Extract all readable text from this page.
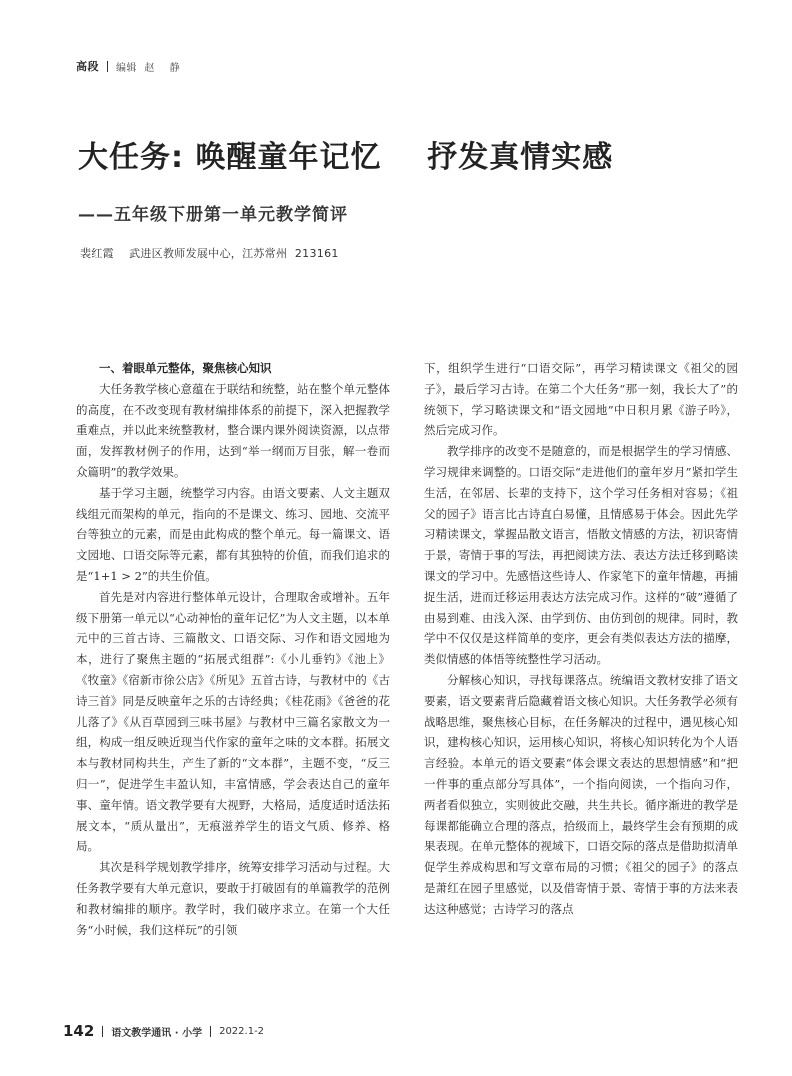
高段 编辑  赵    静
大任务: 唤醒童年记忆    抒发真情实感
——五年级下册第一单元教学简评
裴红霞    武进区教师发展中心，江苏常州  213161
一、着眼单元整体，聚焦核心知识

大任务教学核心意蕴在于联结和统整，站在整个单元整体的高度，在不改变现有教材编排体系的前提下，深入把握教学重难点，并以此来统整教材，整合课内课外阅读资源，以点带面，发挥教材例子的作用，达到“举一纲而万目张，解一卷而众篇明”的教学效果。

基于学习主题，统整学习内容。由语文要素、人文主题双线组元而架构的单元，指向的不是课文、练习、园地、交流平台等独立的元素，而是由此构成的整个单元。每一篇课文、语文园地、口语交际等元素，都有其独特的价值，而我们追求的是“1+1 > 2”的共生价值。

首先是对内容进行整体单元设计，合理取舍或增补。五年级下册第一单元以“心动神怡的童年记忆”为人文主题，以本单元中的三首古诗、三篇散文、口语交际、习作和语文园地为本，进行了聚焦主题的“拓展式组群”:《小儿垂钓》《池上》《牧童》《宿新市徐公店》《所见》五首古诗，与教材中的《古诗三首》同是反映童年之乐的古诗经典；《桂花雨》《爸爸的花儿落了》《从百草园到三味书屋》与教材中三篇名家散文为一组，构成一组反映近现当代作家的童年之味的文本群。拓展文本与教材同构共生，产生了新的“文本群”，主题不变，“反三归一”，促进学生丰盈认知，丰富情感，学会表达自己的童年事、童年情。语文教学要有大视野，大格局，适度适时适法拓展文本，“质从量出”，无痕滋养学生的语文气质、修养、格局。

其次是科学规划教学排序，统筹安排学习活动与过程。大任务教学要有大单元意识，要敢于打破固有的单篇教学的范例和教材编排的顺序。教学时，我们破序求立。在第一个大任务“小时候，我们这样玩”的引领

下，组织学生进行“口语交际”，再学习精读课文《祖父的园子》，最后学习古诗。在第二个大任务“那一刻，我长大了”的统领下，学习略读课文和“语文园地”中日积月累《游子吟》，然后完成习作。

教学排序的改变不是随意的，而是根据学生的学习情感、学习规律来调整的。口语交际“走进他们的童年岁月”紧扣学生生活，在邻居、长辈的支持下，这个学习任务相对容易；《祖父的园子》语言比古诗直白易懂，且情感易于体会。因此先学习精读课文，掌握品散文语言，悟散文情感的方法，初识寄情于景，寄情于事的写法，再把阅读方法、表达方法迁移到略读课文的学习中。先感悟这些诗人、作家笔下的童年情趣，再捕捉生活，进而迁移运用表达方法完成习作。这样的“破”遵循了由易到难、由浅入深、由学到仿、由仿到创的规律。同时，教学中不仅仅是这样简单的变序，更会有类似表达方法的描摩，类似情感的体悟等统整性学习活动。

分解核心知识，寻找每课落点。统编语文教材安排了语文要素，语文要素背后隐藏着语文核心知识。大任务教学必须有战略思维，聚焦核心目标，在任务解决的过程中，遇见核心知识，建构核心知识，运用核心知识，将核心知识转化为个人语言经验。本单元的语文要素“体会课文表达的思想情感”和“把一件事的重点部分写具体”，一个指向阅读，一个指向习作，两者看似独立，实则彼此交融，共生共长。循序渐进的教学是每课都能确立合理的落点，拾级而上，最终学生会有预期的成果表现。在单元整体的视域下，口语交际的落点是借助拟清单促学生养成构思和写文章布局的习惯；《祖父的园子》的落点是萧红在园子里感觉，以及借寄情于景、寄情于事的方法来表达这种感觉；古诗学习的落点

142 语文教学通讯 · 小学 2022.1-2
